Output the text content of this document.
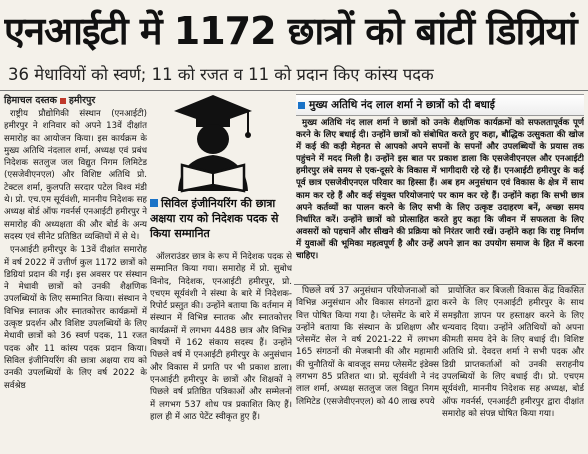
एनआईटी में 1172 छात्रों को बांटीं डिग्रियां
36 मेधावियों को स्वर्ण; 11 को रजत व 11 को प्रदान किए कांस्य पदक
हिमाचल दस्तक हमीरपुर

राष्ट्रीय प्रौद्योगिकी संस्थान (एनआईटी) हमीरपुर ने शनिवार को अपने 13वें दीक्षांत समारोह का आयोजन किया। इस कार्यक्रम के मुख्य अतिथि नंदलाल शर्मा, अध्यक्ष एवं प्रबंध निदेशक सतलुज जल विद्युत निगम लिमिटेड (एसजेवीएनएल) और विशिष्ट अतिथि प्रो. टेक्टल शर्मा, कुलपति सरदार पटेल विश्व मंडी थे। प्रो. एच.एम सूर्यवंशी, माननीय निदेशक सह अध्यक्ष बोर्ड ऑफ गवर्नर्स एनआईटी हमीरपुर ने समारोह की अध्यक्षता की और बोर्ड के अन्य सदस्य एवं सीनेट प्रतिष्ठित व्यक्तियों में से थे।

एनआईटी हमीरपुर के 13वें दीक्षांत समारोह में वर्ष 2022 में उत्तीर्ण कुल 1172 छात्रों को डिग्रियां प्रदान की गईं। इस अवसर पर संस्थान ने मेधावी छात्रों को उनकी शैक्षणिक उपलब्धियों के लिए सम्मानित किया। संस्थान ने विभिन्न स्नातक और स्नातकोत्तर कार्यक्रमों में उत्कृष्ट प्रदर्शन और विशिष्ट उपलब्धियों के लिए मेधावी छात्रों को 36 स्वर्ण पदक, 11 रजत पदक और 11 कांस्य पदक प्रदान किया। सिविल इंजीनियरिंग की छात्रा अक्षया राय को उनकी उपलब्धियों के लिए वर्ष 2022 के सर्वश्रेष्ठ

सिविल इंजीनियरिंग की छात्रा अक्षया राय को निदेशक पदक से किया सम्मानित

ऑलराउंडर छात्र के रूप में निदेशक पदक से सम्मानित किया गया। समारोह में प्रो. सुबोध विनोद, निदेशक, एनआईटी हमीरपुर, प्रो. एचएम सूर्यवंशी ने संस्था के बारे में निदेशक-रिपोर्ट प्रस्तुत की। उन्होंने बताया कि वर्तमान में संस्थान में विभिन्न स्नातक और स्नातकोत्तर कार्यक्रमों में लगभग 4488 छात्र और विभिन्न विषयों में 162 संकाय सदस्य हैं। उन्होंने पिछले वर्ष में एनआईटी हमीरपुर के अनुसंधान और विकास में प्रगति पर भी प्रकाश डाला। एनआईटी हमीरपुर के छात्रों और शिक्षकों ने पिछले वर्ष प्रतिष्ठित पत्रिकाओं और सम्मेलनों में लगभग 537 शोध पत्र प्रकाशित किए हैं। हाल ही में आठ पेटेंट स्वीकृत हुए हैं।

मुख्य अतिथि नंद लाल शर्मा ने छात्रों को दी बधाई

मुख्य अतिथि नंद लाल शर्मा ने छात्रों को उनके शैक्षणिक कार्यक्रमों को सफलतापूर्वक पूर्ण करने के लिए बधाई दी। उन्होंने छात्रों को संबोधित करते हुए कहा, बौद्धिक उत्सुकता की खोज में कई की कड़ी मेहनत से आपको अपने सपनों के सपनों और उपलब्धियों के प्रयास तक पहुंचने में मदद मिली है। उन्होंने इस बात पर प्रकाश डाला कि एसजेवीएनएल और एनआईटी हमीरपुर लंबे समय से एक-दूसरे के विकास में भागीदारी रहे रहे हैं। एनआईटी हमीरपुर के कई पूर्व छात्र एसजेवीएनएल परिवार का हिस्सा हैं। अब हम अनुसंधान एवं विकास के क्षेत्र में साथ काम कर रहे हैं और कई संयुक्त परियोजनाएं पर काम कर रहे हैं। उन्होंने कहा कि सभी छात्र अपने कर्तव्यों का पालन करने के लिए सभी के लिए उत्कृष्ट उदाहरण बनें, अच्छा समय निर्धारित करें। उन्होंने छात्रों को प्रोत्साहित करते हुए कहा कि जीवन में सफलता के लिए अवसरों को पहचानें और सीखने की प्रक्रिया को निरंतर जारी रखें। उन्होंने कहा कि राष्ट्र निर्माण में युवाओं की भूमिका महत्वपूर्ण है और उन्हें अपने ज्ञान का उपयोग समाज के हित में करना चाहिए।

पिछले वर्ष 37 अनुसंधान परियोजनाओं को विभिन्न अनुसंधान और विकास संगठनों द्वारा वित्त पोषित किया गया है। प्लेसमेंट के बारे में उन्होंने बताया कि संस्थान के प्रशिक्षण और प्लेसमेंट सेल ने वर्ष 2021-22 में लगभग 165 संगठनों की मेजबानी की और महामारी की चुनौतियों के बावजूद समग्र प्लेसमेंट इंडेक्स लगभग 85 प्रतिशत था। प्रो. सूर्यवंशी ने नंद लाल शर्मा, अध्यक्ष सतलुज जल विद्युत निगम लिमिटेड (एसजेवीएनएल) को 40 लाख रुपये

प्रायोजित कर बिजली विकास केंद्र विकसित करने के लिए एनआईटी हमीरपुर के साथ समझौता ज्ञापन पर हस्ताक्षर करने के लिए धन्यवाद दिया। उन्होंने अतिथियों को अपना कीमती समय देने के लिए बधाई दी। विशिष्ट अतिथि प्रो. देवदत्त शर्मा ने सभी पदक और डिग्री प्राप्तकर्ताओं को उनकी सराहनीय उपलब्धियों के लिए बधाई दी। प्रो. एचएम सूर्यवंशी, माननीय निदेशक सह अध्यक्ष, बोर्ड ऑफ गवर्नर्स, एनआईटी हमीरपुर द्वारा दीक्षांत समारोह को संपन्न घोषित किया गया।
